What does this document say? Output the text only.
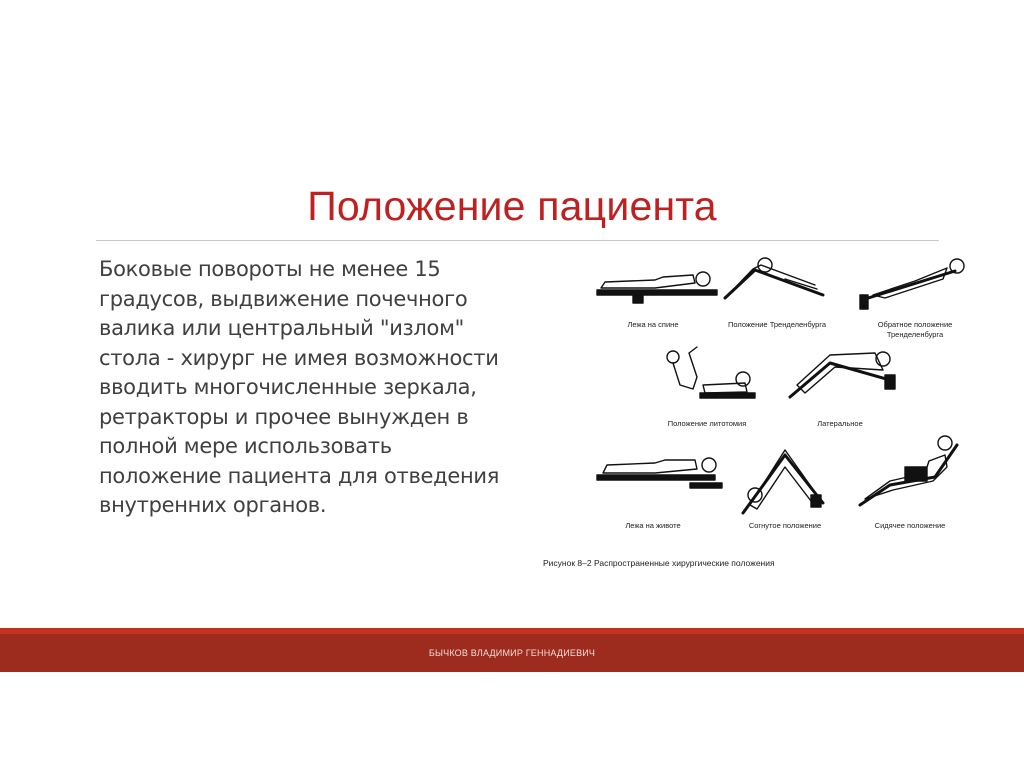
Положение пациента
Боковые повороты не менее 15
градусов, выдвижение почечного
валика или центральный "излом"
стола - хирург не имея возможности
вводить многочисленные зеркала,
ретракторы и прочее вынужден в
полной мере использовать
положение пациента для отведения
внутренних органов.
Лежа на спине	Положение Тренделенбурга	Обратное положение
Тренделенбурга
Положение литотомия	Латеральное
Лежа на животе	Согнутое положение	Сидячее положение
Рисунок 8–2 Распространенные хирургические положения
БЫЧКОВ ВЛАДИМИР ГЕННАДИЕВИЧ
